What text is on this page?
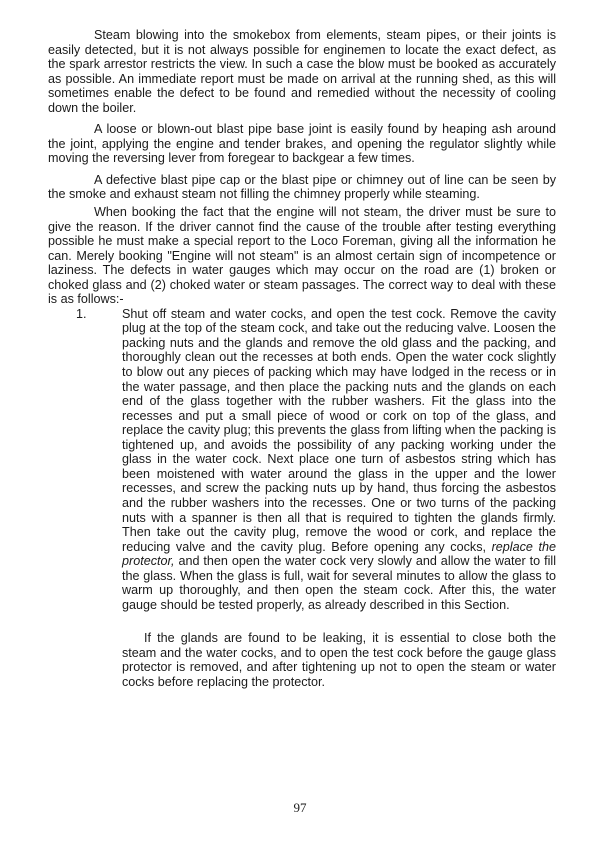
Steam blowing into the smokebox from elements, steam pipes, or their joints is easily detected, but it is not always possible for enginemen to locate the exact defect, as the spark arrestor restricts the view. In such a case the blow must be booked as accurately as possible. An immediate report must be made on arrival at the running shed, as this will sometimes enable the defect to be found and remedied without the necessity of cooling down the boiler.

A loose or blown-out blast pipe base joint is easily found by heaping ash around the joint, applying the engine and tender brakes, and opening the regulator slightly while moving the reversing lever from foregear to backgear a few times.

A defective blast pipe cap or the blast pipe or chimney out of line can be seen by the smoke and exhaust steam not filling the chimney properly while steaming.

When booking the fact that the engine will not steam, the driver must be sure to give the reason. If the driver cannot find the cause of the trouble after testing everything possible he must make a special report to the Loco Foreman, giving all the information he can. Merely booking "Engine will not steam" is an almost certain sign of incompetence or laziness. The defects in water gauges which may occur on the road are (1) broken or choked glass and (2) choked water or steam passages. The correct way to deal with these is as follows:-

1.	Shut off steam and water cocks, and open the test cock. Remove the cavity plug at the top of the steam cock, and take out the reducing valve. Loosen the packing nuts and the glands and remove the old glass and the packing, and thoroughly clean out the recesses at both ends. Open the water cock slightly to blow out any pieces of packing which may have lodged in the recess or in the water passage, and then place the packing nuts and the glands on each end of the glass together with the rubber washers. Fit the glass into the recesses and put a small piece of wood or cork on top of the glass, and replace the cavity plug; this prevents the glass from lifting when the packing is tightened up, and avoids the possibility of any packing working under the glass in the water cock. Next place one turn of asbestos string which has been moistened with water around the glass in the upper and the lower recesses, and screw the packing nuts up by hand, thus forcing the asbestos and the rubber washers into the recesses. One or two turns of the packing nuts with a spanner is then all that is required to tighten the glands firmly. Then take out the cavity plug, remove the wood or cork, and replace the reducing valve and the cavity plug. Before opening any cocks, replace the protector, and then open the water cock very slowly and allow the water to fill the glass. When the glass is full, wait for several minutes to allow the glass to warm up thoroughly, and then open the steam cock. After this, the water gauge should be tested properly, as already described in this Section.

If the glands are found to be leaking, it is essential to close both the steam and the water cocks, and to open the test cock before the gauge glass protector is removed, and after tightening up not to open the steam or water cocks before replacing the protector.

97
